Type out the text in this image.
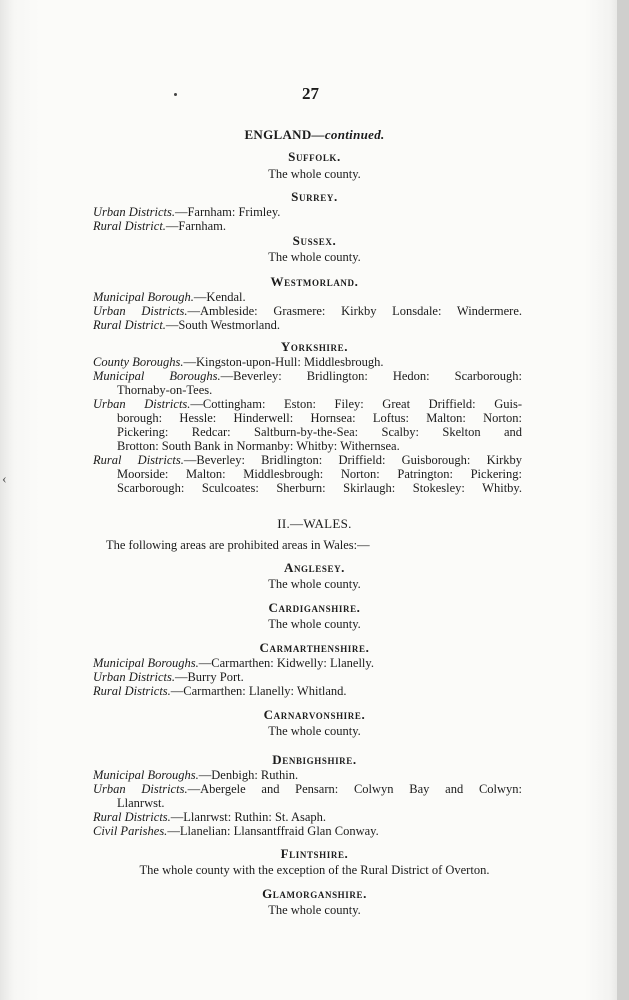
‹
27
ENGLAND—continued.
Suffolk.
The whole county.
Surrey.
Urban Districts.—Farnham: Frimley.
Rural District.—Farnham.
Sussex.
The whole county.
Westmorland.
Municipal Borough.—Kendal.
Urban Districts.—Ambleside: Grasmere: Kirkby Lonsdale: Windermere.
Rural District.—South Westmorland.
Yorkshire.
County Boroughs.—Kingston-upon-Hull: Middlesbrough.
Municipal Boroughs.—Beverley: Bridlington: Hedon: Scarborough:
Thornaby-on-Tees.
Urban Districts.—Cottingham: Eston: Filey: Great Driffield: Guis-
borough: Hessle: Hinderwell: Hornsea: Loftus: Malton: Norton:
Pickering: Redcar: Saltburn-by-the-Sea: Scalby: Skelton and
Brotton: South Bank in Normanby: Whitby: Withernsea.
Rural Districts.—Beverley: Bridlington: Driffield: Guisborough: Kirkby
Moorside: Malton: Middlesbrough: Norton: Patrington: Pickering:
Scarborough: Sculcoates: Sherburn: Skirlaugh: Stokesley: Whitby.
II.—WALES.
The following areas are prohibited areas in Wales:—
Anglesey.
The whole county.
Cardiganshire.
The whole county.
Carmarthenshire.
Municipal Boroughs.—Carmarthen: Kidwelly: Llanelly.
Urban Districts.—Burry Port.
Rural Districts.—Carmarthen: Llanelly: Whitland.
Carnarvonshire.
The whole county.
Denbighshire.
Municipal Boroughs.—Denbigh: Ruthin.
Urban Districts.—Abergele and Pensarn: Colwyn Bay and Colwyn:
Llanrwst.
Rural Districts.—Llanrwst: Ruthin: St. Asaph.
Civil Parishes.—Llanelian: Llansantffraid Glan Conway.
Flintshire.
The whole county with the exception of the Rural District of Overton.
Glamorganshire.
The whole county.
